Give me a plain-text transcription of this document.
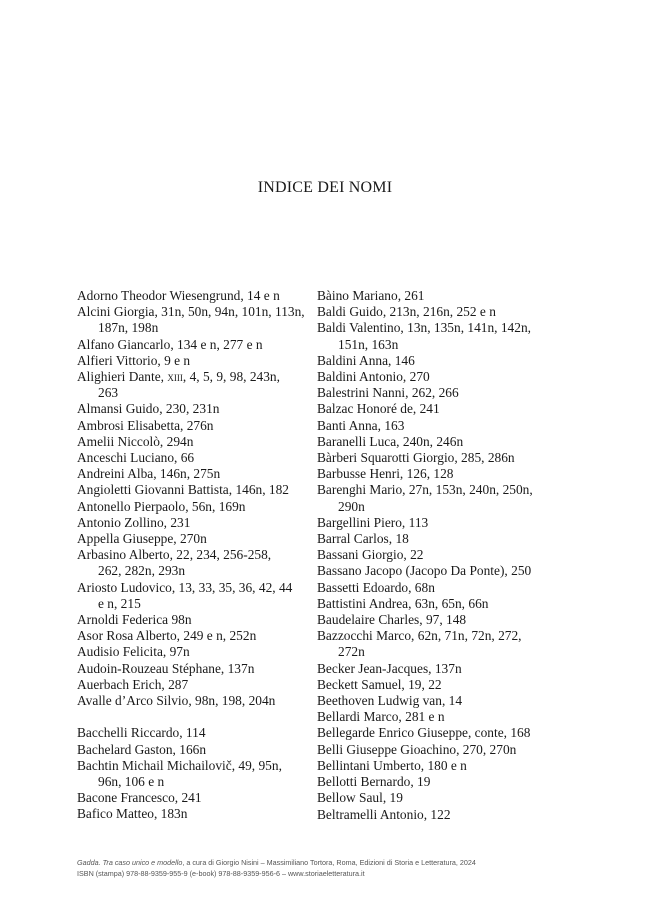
INDICE DEI NOMI
Adorno Theodor Wiesengrund, 14 e n
Alcini Giorgia, 31n, 50n, 94n, 101n, 113n,
187n, 198n
Alfano Giancarlo, 134 e n, 277 e n
Alfieri Vittorio, 9 e n
Alighieri Dante, xiii, 4, 5, 9, 98, 243n,
263
Almansi Guido, 230, 231n
Ambrosi Elisabetta, 276n
Amelii Niccolò, 294n
Anceschi Luciano, 66
Andreini Alba, 146n, 275n
Angioletti Giovanni Battista, 146n, 182
Antonello Pierpaolo, 56n, 169n
Antonio Zollino, 231
Appella Giuseppe, 270n
Arbasino Alberto, 22, 234, 256-258,
262, 282n, 293n
Ariosto Ludovico, 13, 33, 35, 36, 42, 44
e n, 215
Arnoldi Federica 98n
Asor Rosa Alberto, 249 e n, 252n
Audisio Felicita, 97n
Audoin-Rouzeau Stéphane, 137n
Auerbach Erich, 287
Avalle d’Arco Silvio, 98n, 198, 204n
Bacchelli Riccardo, 114
Bachelard Gaston, 166n
Bachtin Michail Michailovič, 49, 95n,
96n, 106 e n
Bacone Francesco, 241
Bafico Matteo, 183n
Bàino Mariano, 261
Baldi Guido, 213n, 216n, 252 e n
Baldi Valentino, 13n, 135n, 141n, 142n,
151n, 163n
Baldini Anna, 146
Baldini Antonio, 270
Balestrini Nanni, 262, 266
Balzac Honoré de, 241
Banti Anna, 163
Baranelli Luca, 240n, 246n
Bàrberi Squarotti Giorgio, 285, 286n
Barbusse Henri, 126, 128
Barenghi Mario, 27n, 153n, 240n, 250n,
290n
Bargellini Piero, 113
Barral Carlos, 18
Bassani Giorgio, 22
Bassano Jacopo (Jacopo Da Ponte), 250
Bassetti Edoardo, 68n
Battistini Andrea, 63n, 65n, 66n
Baudelaire Charles, 97, 148
Bazzocchi Marco, 62n, 71n, 72n, 272,
272n
Becker Jean-Jacques, 137n
Beckett Samuel, 19, 22
Beethoven Ludwig van, 14
Bellardi Marco, 281 e n
Bellegarde Enrico Giuseppe, conte, 168
Belli Giuseppe Gioachino, 270, 270n
Bellintani Umberto, 180 e n
Bellotti Bernardo, 19
Bellow Saul, 19
Beltramelli Antonio, 122
Gadda. Tra caso unico e modello, a cura di Giorgio Nisini – Massimiliano Tortora, Roma, Edizioni di Storia e Letteratura, 2024
ISBN (stampa) 978-88-9359-955-9 (e-book) 978-88-9359-956-6 – www.storiaeletteratura.it
